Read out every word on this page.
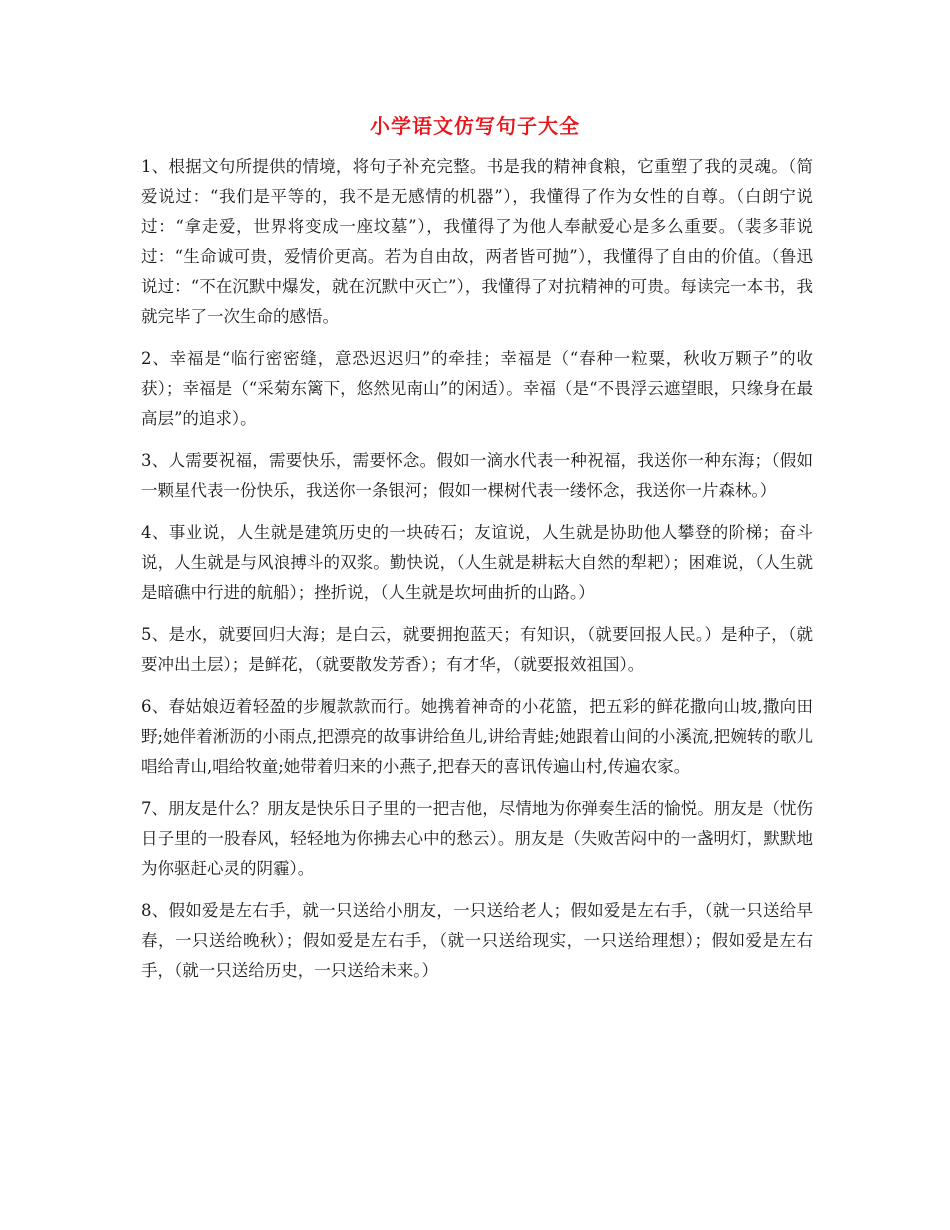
小学语文仿写句子大全

1、根据文句所提供的情境，将句子补充完整。书是我的精神食粮，它重塑了我的灵魂。（简爱说过：“我们是平等的，我不是无感情的机器”），我懂得了作为女性的自尊。（白朗宁说过：“拿走爱，世界将变成一座坟墓”），我懂得了为他人奉献爱心是多么重要。（裴多菲说过：“生命诚可贵，爱情价更高。若为自由故，两者皆可抛”），我懂得了自由的价值。（鲁迅说过：“不在沉默中爆发，就在沉默中灭亡”），我懂得了对抗精神的可贵。每读完一本书，我就完毕了一次生命的感悟。

2、幸福是“临行密密缝，意恐迟迟归”的牵挂；幸福是（“春种一粒粟，秋收万颗子”的收获）；幸福是（“采菊东篱下，悠然见南山”的闲适）。幸福（是“不畏浮云遮望眼，只缘身在最高层”的追求）。

3、人需要祝福，需要快乐，需要怀念。假如一滴水代表一种祝福，我送你一种东海；（假如一颗星代表一份快乐，我送你一条银河；假如一棵树代表一缕怀念，我送你一片森林。）

4、事业说，人生就是建筑历史的一块砖石；友谊说，人生就是协助他人攀登的阶梯；奋斗说，人生就是与风浪搏斗的双浆。勤快说，（人生就是耕耘大自然的犁耙）；困难说，（人生就是暗礁中行进的航船）；挫折说，（人生就是坎坷曲折的山路。）

5、是水，就要回归大海；是白云，就要拥抱蓝天；有知识，（就要回报人民。）是种子，（就要冲出土层）；是鲜花，（就要散发芳香）；有才华，（就要报效祖国）。

6、春姑娘迈着轻盈的步履款款而行。她携着神奇的小花篮，把五彩的鲜花撒向山坡,撒向田野;她伴着淅沥的小雨点,把漂亮的故事讲给鱼儿,讲给青蛙;她跟着山间的小溪流,把婉转的歌儿唱给青山,唱给牧童;她带着归来的小燕子,把春天的喜讯传遍山村,传遍农家。

7、朋友是什么？朋友是快乐日子里的一把吉他，尽情地为你弹奏生活的愉悦。朋友是（忧伤日子里的一股春风，轻轻地为你拂去心中的愁云）。朋友是（失败苦闷中的一盏明灯，默默地为你驱赶心灵的阴霾）。

8、假如爱是左右手，就一只送给小朋友，一只送给老人；假如爱是左右手，（就一只送给早春，一只送给晚秋）；假如爱是左右手，（就一只送给现实，一只送给理想）；假如爱是左右手，（就一只送给历史，一只送给未来。）
